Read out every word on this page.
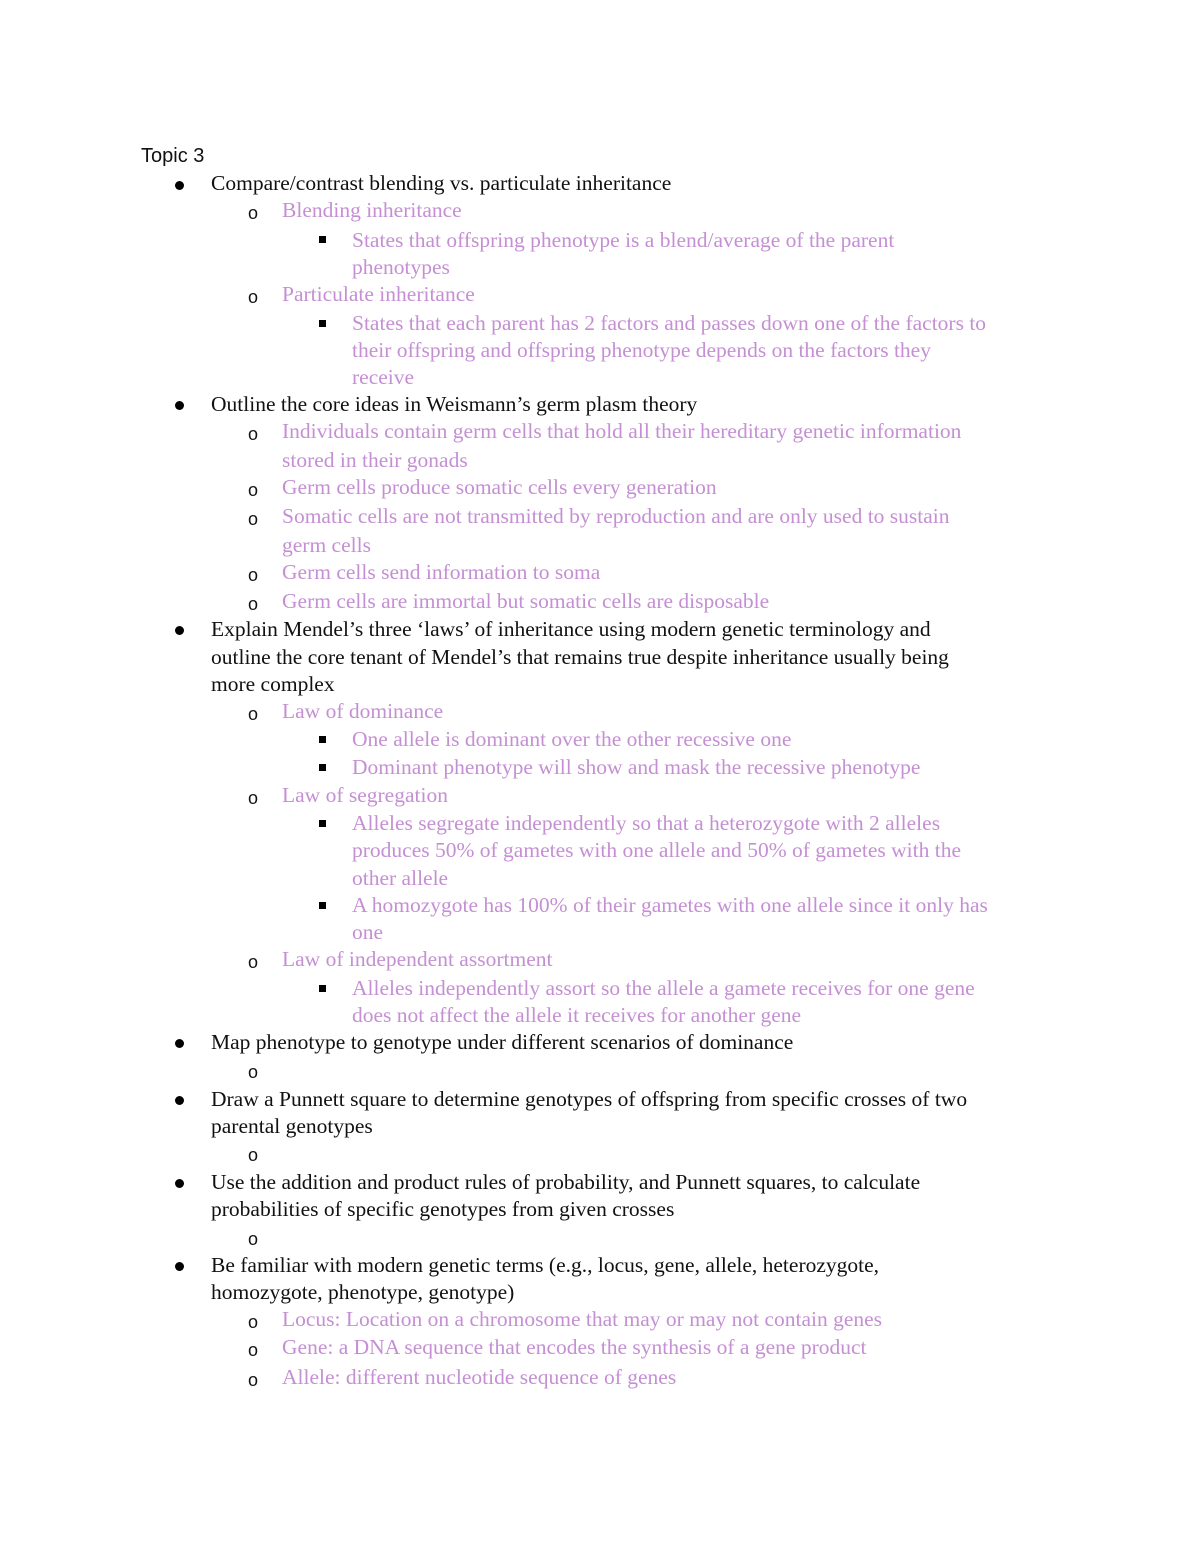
Topic 3
Compare/contrast blending vs. particulate inheritance
o Blending inheritance
States that offspring phenotype is a blend/average of the parent
phenotypes
o Particulate inheritance
States that each parent has 2 factors and passes down one of the factors to
their offspring and offspring phenotype depends on the factors they
receive
Outline the core ideas in Weismann’s germ plasm theory
o Individuals contain germ cells that hold all their hereditary genetic information
stored in their gonads
o Germ cells produce somatic cells every generation
o Somatic cells are not transmitted by reproduction and are only used to sustain
germ cells
o Germ cells send information to soma
o Germ cells are immortal but somatic cells are disposable
Explain Mendel’s three ‘laws’ of inheritance using modern genetic terminology and
outline the core tenant of Mendel’s that remains true despite inheritance usually being
more complex
o Law of dominance
One allele is dominant over the other recessive one
Dominant phenotype will show and mask the recessive phenotype
o Law of segregation
Alleles segregate independently so that a heterozygote with 2 alleles
produces 50% of gametes with one allele and 50% of gametes with the
other allele
A homozygote has 100% of their gametes with one allele since it only has
one
o Law of independent assortment
Alleles independently assort so the allele a gamete receives for one gene
does not affect the allele it receives for another gene
Map phenotype to genotype under different scenarios of dominance
o
Draw a Punnett square to determine genotypes of offspring from specific crosses of two
parental genotypes
o
Use the addition and product rules of probability, and Punnett squares, to calculate
probabilities of specific genotypes from given crosses
o
Be familiar with modern genetic terms (e.g., locus, gene, allele, heterozygote,
homozygote, phenotype, genotype)
o Locus: Location on a chromosome that may or may not contain genes
o Gene: a DNA sequence that encodes the synthesis of a gene product
o Allele: different nucleotide sequence of genes
